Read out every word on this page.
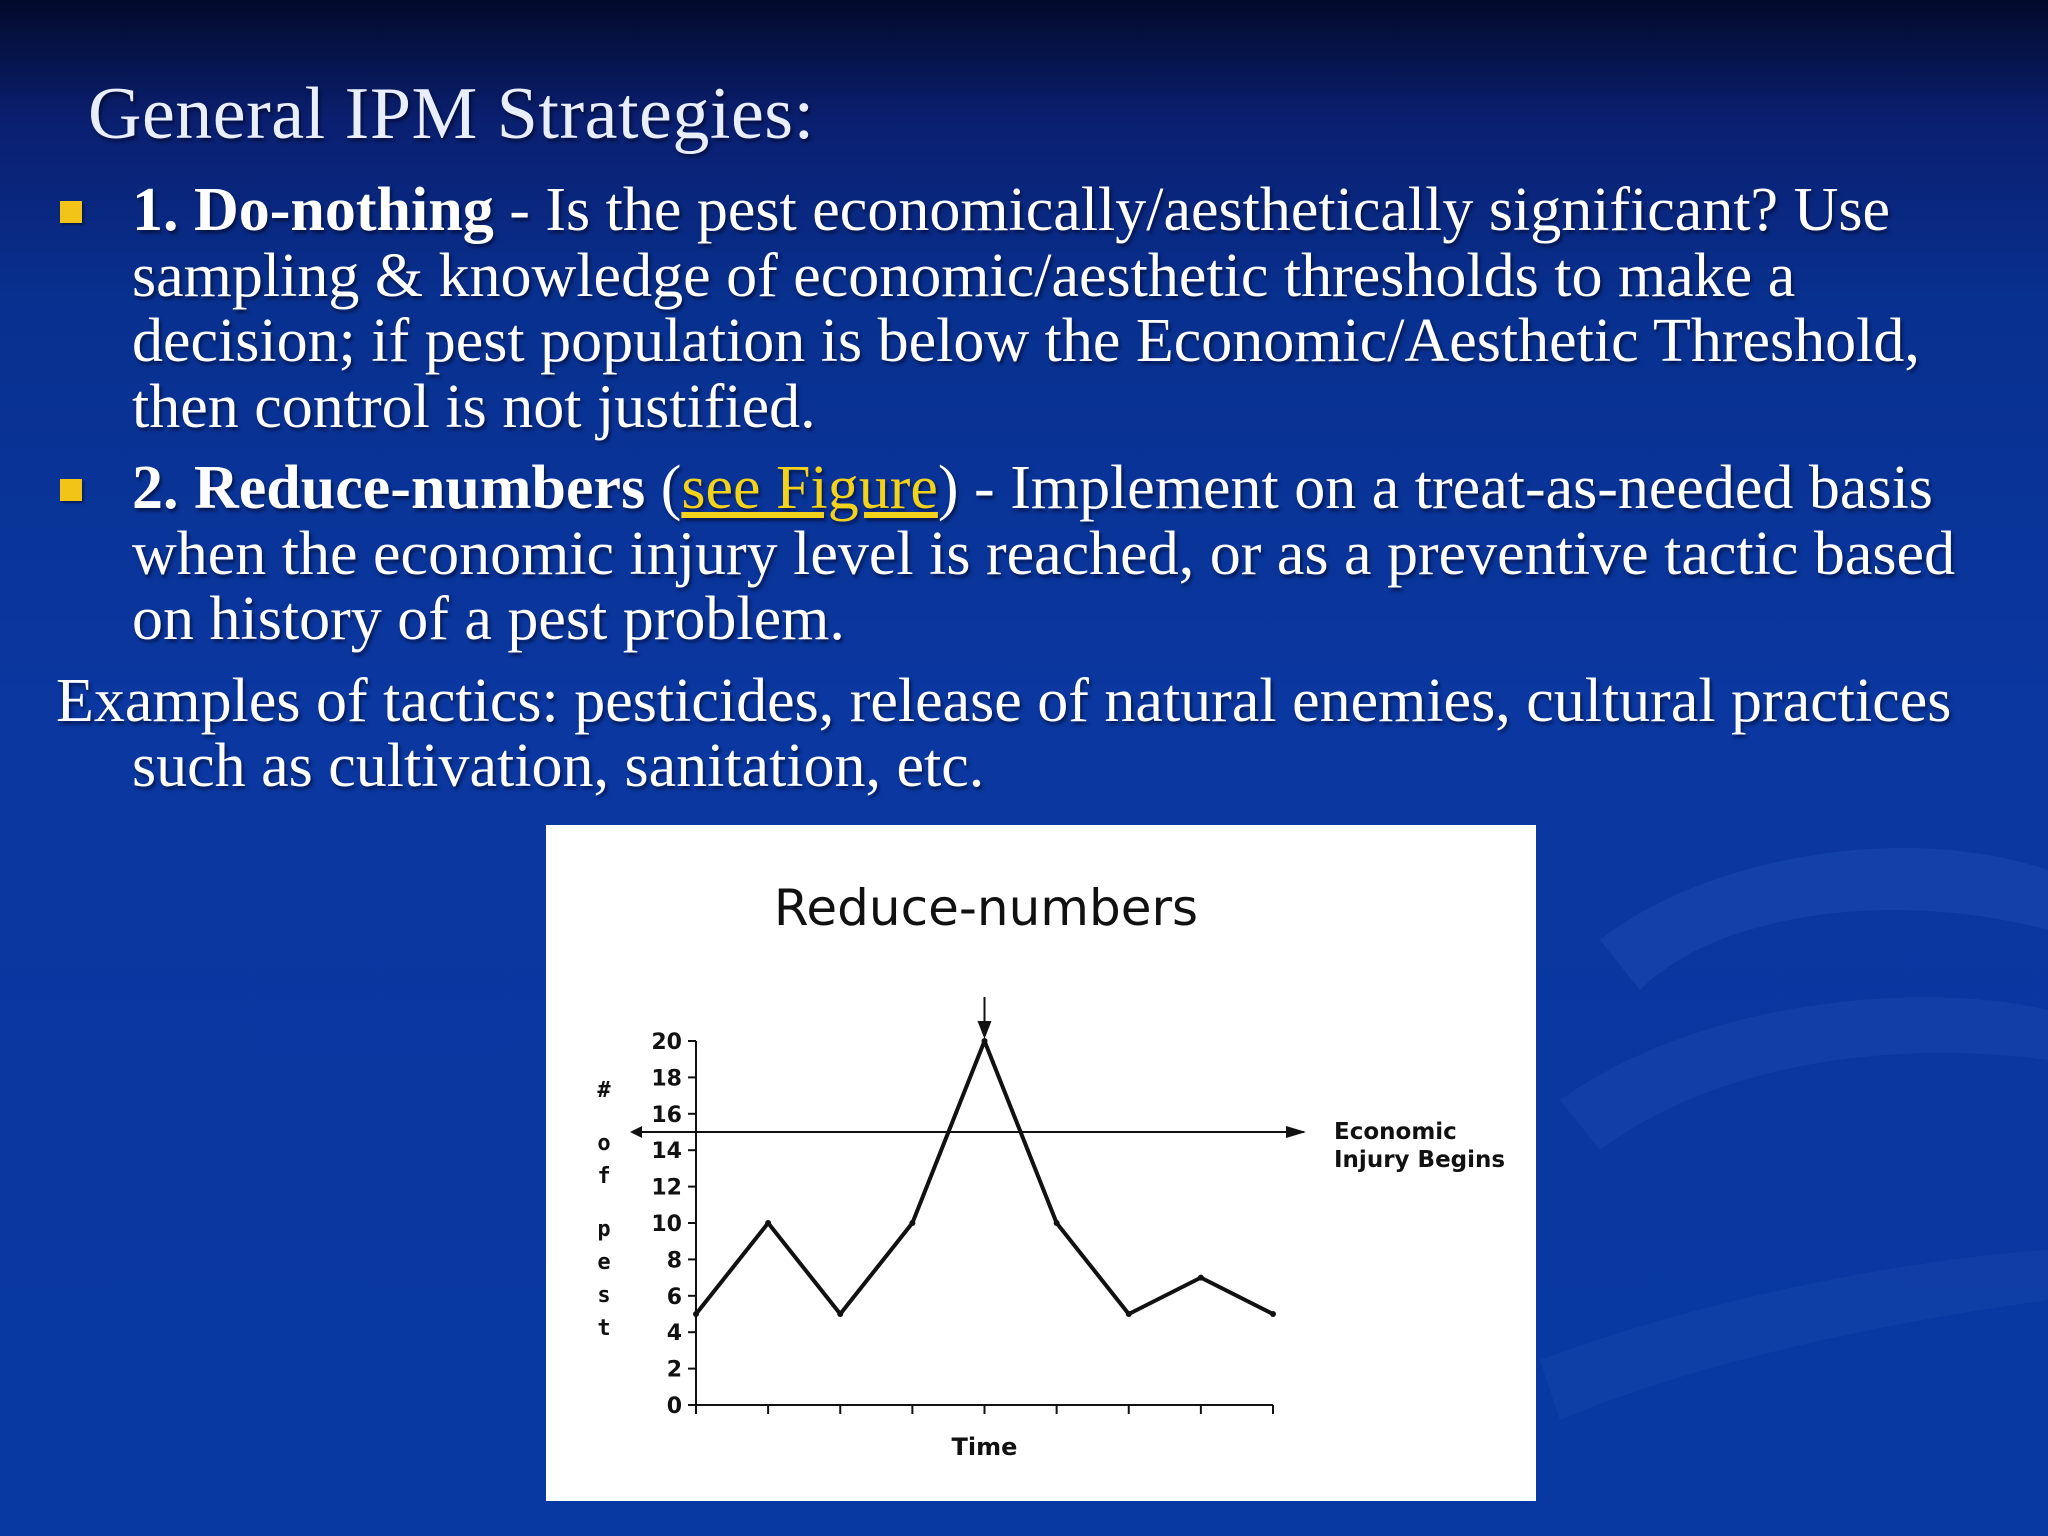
General IPM Strategies:
1. Do-nothing - Is the pest economically/aesthetically significant? Use sampling & knowledge of economic/aesthetic thresholds to make a decision; if pest population is below the Economic/Aesthetic Threshold, then control is not justified.
2. Reduce-numbers (see Figure) - Implement on a treat-as-needed basis when the economic injury level is reached, or as a preventive tactic based on history of a pest problem.
Examples of tactics: pesticides, release of natural enemies, cultural practices such as cultivation, sanitation, etc.
Reduce-numbers
#
o
f
p
e
s
t
0
2
4
6
8
10
12
14
16
18
20
Economic
Injury Begins
Time
